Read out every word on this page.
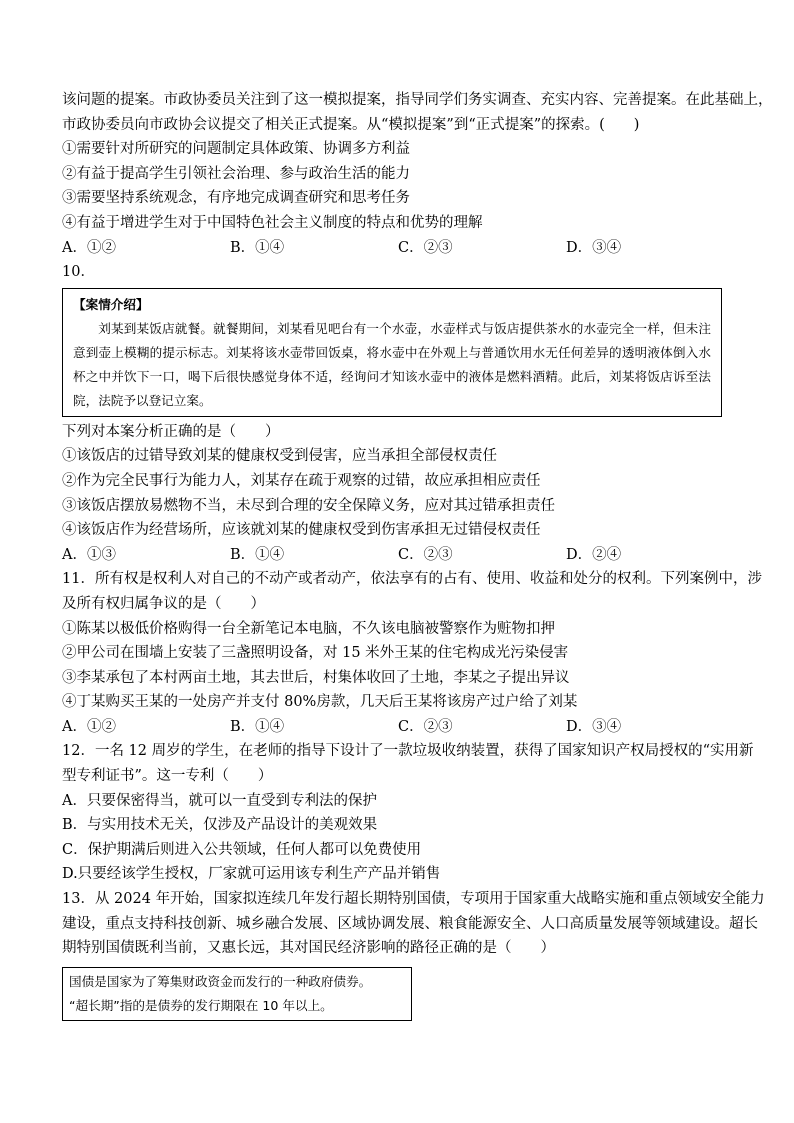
该问题的提案。市政协委员关注到了这一模拟提案，指导同学们务实调查、充实内容、完善提案。在此基础上，

市政协委员向市政协会议提交了相关正式提案。从“模拟提案”到“正式提案”的探索。(　　)

①需要针对所研究的问题制定具体政策、协调多方利益

②有益于提高学生引领社会治理、参与政治生活的能力

③需要坚持系统观念，有序地完成调查研究和思考任务

④有益于增进学生对于中国特色社会主义制度的特点和优势的理解

A．①②	B．①④	C．②③	D．③④

10．

【案情介绍】

刘某到某饭店就餐。就餐期间，刘某看见吧台有一个水壶，水壶样式与饭店提供茶水的水壶完全一样，但未注意到壶上模糊的提示标志。刘某将该水壶带回饭桌，将水壶中在外观上与普通饮用水无任何差异的透明液体倒入水杯之中并饮下一口，喝下后很快感觉身体不适，经询问才知该水壶中的液体是燃料酒精。此后，刘某将饭店诉至法院，法院予以登记立案。

下列对本案分析正确的是（　　）

①该饭店的过错导致刘某的健康权受到侵害，应当承担全部侵权责任

②作为完全民事行为能力人，刘某存在疏于观察的过错，故应承担相应责任

③该饭店摆放易燃物不当，未尽到合理的安全保障义务，应对其过错承担责任

④该饭店作为经营场所，应该就刘某的健康权受到伤害承担无过错侵权责任

A．①③	B．①④	C．②③	D．②④

11．所有权是权利人对自己的不动产或者动产，依法享有的占有、使用、收益和处分的权利。下列案例中，涉

及所有权归属争议的是（　　）

①陈某以极低价格购得一台全新笔记本电脑，不久该电脑被警察作为赃物扣押

②甲公司在围墙上安装了三盏照明设备，对 15 米外王某的住宅构成光污染侵害

③李某承包了本村两亩土地，其去世后，村集体收回了土地，李某之子提出异议

④丁某购买王某的一处房产并支付 80%房款，几天后王某将该房产过户给了刘某

A．①②	B．①④	C．②③	D．③④

12．一名 12 周岁的学生，在老师的指导下设计了一款垃圾收纳装置，获得了国家知识产权局授权的“实用新

型专利证书”。这一专利（　　）

A．只要保密得当，就可以一直受到专利法的保护

B．与实用技术无关，仅涉及产品设计的美观效果

C．保护期满后则进入公共领域，任何人都可以免费使用

D.只要经该学生授权，厂家就可运用该专利生产产品并销售

13．从 2024 年开始，国家拟连续几年发行超长期特别国债，专项用于国家重大战略实施和重点领域安全能力

建设，重点支持科技创新、城乡融合发展、区域协调发展、粮食能源安全、人口高质量发展等领域建设。超长

期特别国债既利当前，又惠长远，其对国民经济影响的路径正确的是（　　）

国债是国家为了筹集财政资金而发行的一种政府债券。

“超长期”指的是债券的发行期限在 10 年以上。
